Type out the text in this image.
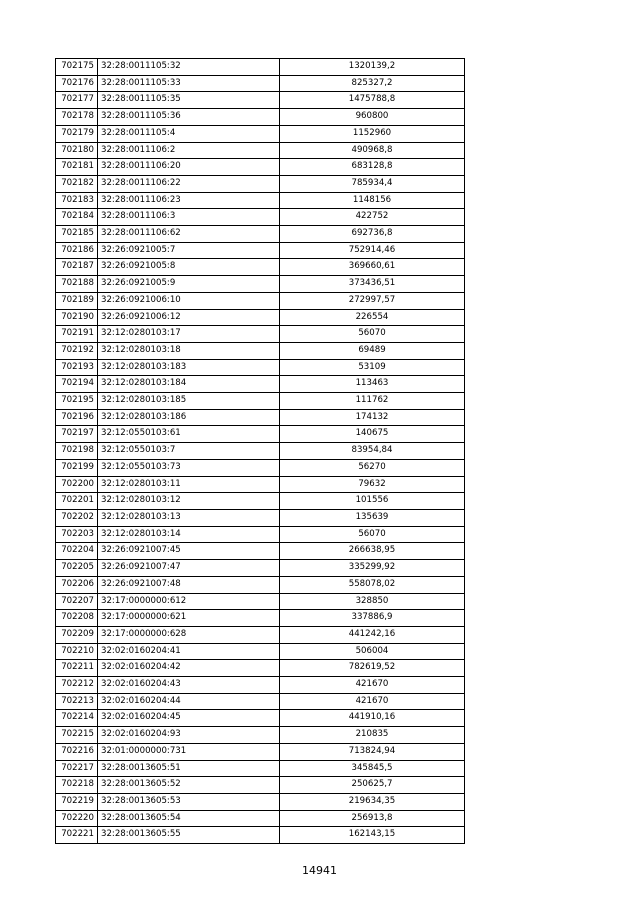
702175	32:28:0011105:32	1320139,2
702176	32:28:0011105:33	825327,2
702177	32:28:0011105:35	1475788,8
702178	32:28:0011105:36	960800
702179	32:28:0011105:4	1152960
702180	32:28:0011106:2	490968,8
702181	32:28:0011106:20	683128,8
702182	32:28:0011106:22	785934,4
702183	32:28:0011106:23	1148156
702184	32:28:0011106:3	422752
702185	32:28:0011106:62	692736,8
702186	32:26:0921005:7	752914,46
702187	32:26:0921005:8	369660,61
702188	32:26:0921005:9	373436,51
702189	32:26:0921006:10	272997,57
702190	32:26:0921006:12	226554
702191	32:12:0280103:17	56070
702192	32:12:0280103:18	69489
702193	32:12:0280103:183	53109
702194	32:12:0280103:184	113463
702195	32:12:0280103:185	111762
702196	32:12:0280103:186	174132
702197	32:12:0550103:61	140675
702198	32:12:0550103:7	83954,84
702199	32:12:0550103:73	56270
702200	32:12:0280103:11	79632
702201	32:12:0280103:12	101556
702202	32:12:0280103:13	135639
702203	32:12:0280103:14	56070
702204	32:26:0921007:45	266638,95
702205	32:26:0921007:47	335299,92
702206	32:26:0921007:48	558078,02
702207	32:17:0000000:612	328850
702208	32:17:0000000:621	337886,9
702209	32:17:0000000:628	441242,16
702210	32:02:0160204:41	506004
702211	32:02:0160204:42	782619,52
702212	32:02:0160204:43	421670
702213	32:02:0160204:44	421670
702214	32:02:0160204:45	441910,16
702215	32:02:0160204:93	210835
702216	32:01:0000000:731	713824,94
702217	32:28:0013605:51	345845,5
702218	32:28:0013605:52	250625,7
702219	32:28:0013605:53	219634,35
702220	32:28:0013605:54	256913,8
702221	32:28:0013605:55	162143,15
14941
